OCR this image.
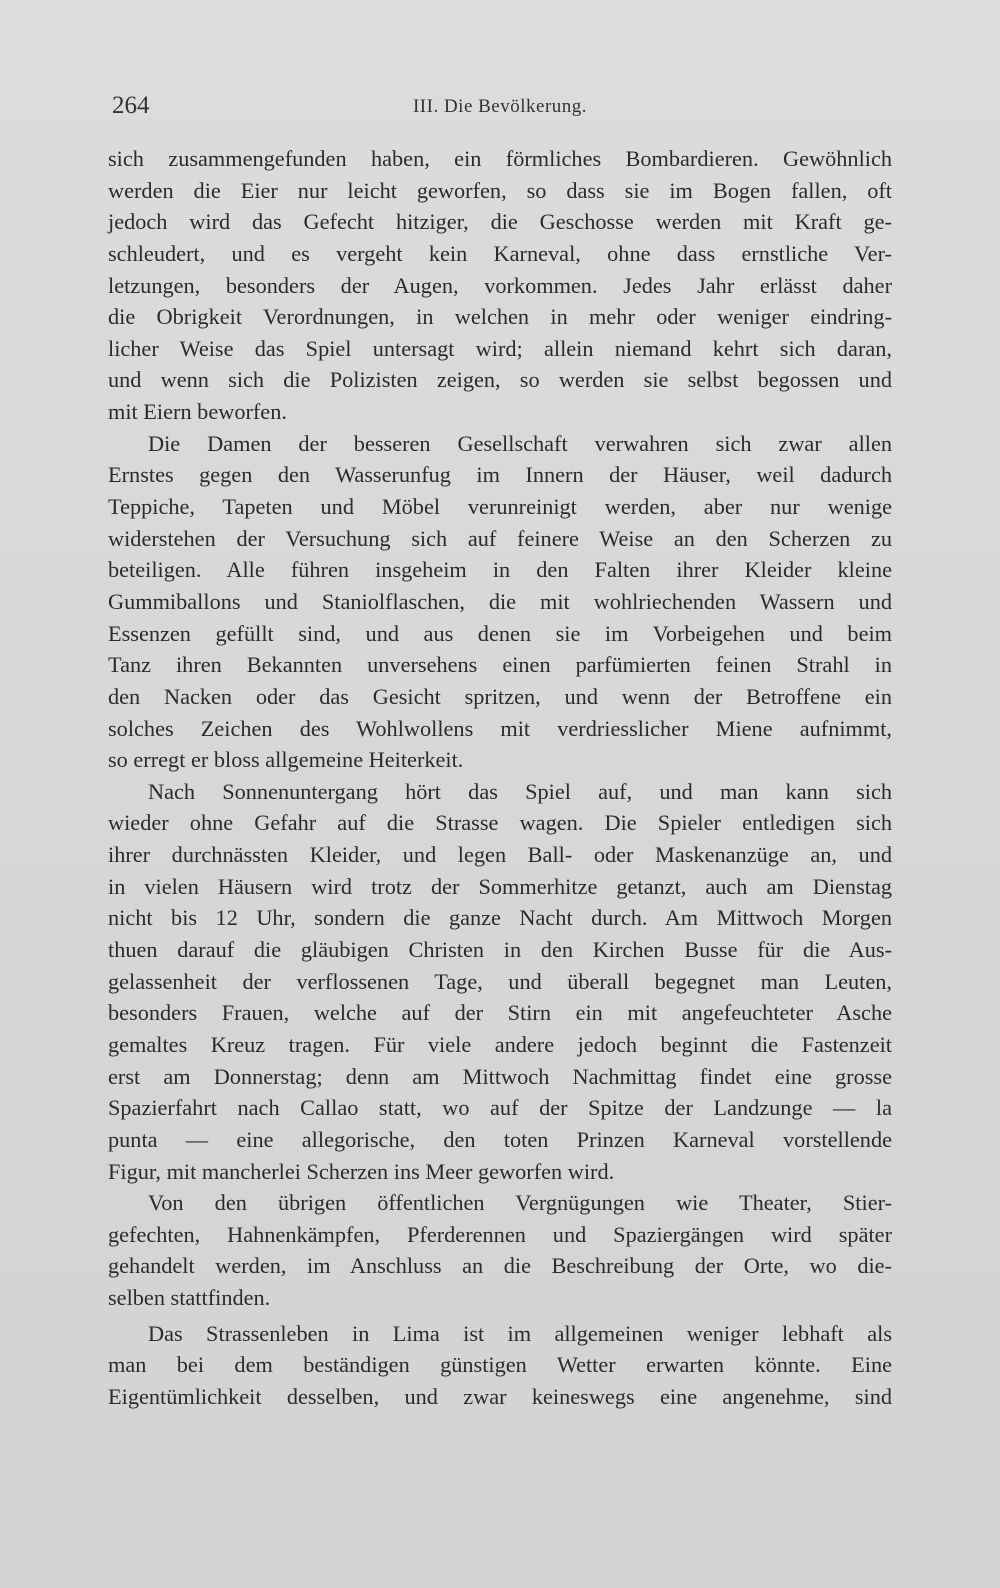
264	III. Die Bevölkerung.
sich zusammengefunden haben, ein förmliches Bombardieren. Gewöhnlich
werden die Eier nur leicht geworfen, so dass sie im Bogen fallen, oft
jedoch wird das Gefecht hitziger, die Geschosse werden mit Kraft ge-
schleudert, und es vergeht kein Karneval, ohne dass ernstliche Ver-
letzungen, besonders der Augen, vorkommen. Jedes Jahr erlässt daher
die Obrigkeit Verordnungen, in welchen in mehr oder weniger eindring-
licher Weise das Spiel untersagt wird; allein niemand kehrt sich daran,
und wenn sich die Polizisten zeigen, so werden sie selbst begossen und
mit Eiern beworfen.
Die Damen der besseren Gesellschaft verwahren sich zwar allen
Ernstes gegen den Wasserunfug im Innern der Häuser, weil dadurch
Teppiche, Tapeten und Möbel verunreinigt werden, aber nur wenige
widerstehen der Versuchung sich auf feinere Weise an den Scherzen zu
beteiligen. Alle führen insgeheim in den Falten ihrer Kleider kleine
Gummiballons und Staniolflaschen, die mit wohlriechenden Wassern und
Essenzen gefüllt sind, und aus denen sie im Vorbeigehen und beim
Tanz ihren Bekannten unversehens einen parfümierten feinen Strahl in
den Nacken oder das Gesicht spritzen, und wenn der Betroffene ein
solches Zeichen des Wohlwollens mit verdriesslicher Miene aufnimmt,
so erregt er bloss allgemeine Heiterkeit.
Nach Sonnenuntergang hört das Spiel auf, und man kann sich
wieder ohne Gefahr auf die Strasse wagen. Die Spieler entledigen sich
ihrer durchnässten Kleider, und legen Ball- oder Maskenanzüge an, und
in vielen Häusern wird trotz der Sommerhitze getanzt, auch am Dienstag
nicht bis 12 Uhr, sondern die ganze Nacht durch. Am Mittwoch Morgen
thuen darauf die gläubigen Christen in den Kirchen Busse für die Aus-
gelassenheit der verflossenen Tage, und überall begegnet man Leuten,
besonders Frauen, welche auf der Stirn ein mit angefeuchteter Asche
gemaltes Kreuz tragen. Für viele andere jedoch beginnt die Fastenzeit
erst am Donnerstag; denn am Mittwoch Nachmittag findet eine grosse
Spazierfahrt nach Callao statt, wo auf der Spitze der Landzunge — la
punta — eine allegorische, den toten Prinzen Karneval vorstellende
Figur, mit mancherlei Scherzen ins Meer geworfen wird.
Von den übrigen öffentlichen Vergnügungen wie Theater, Stier-
gefechten, Hahnenkämpfen, Pferderennen und Spaziergängen wird später
gehandelt werden, im Anschluss an die Beschreibung der Orte, wo die-
selben stattfinden.
Das Strassenleben in Lima ist im allgemeinen weniger lebhaft als
man bei dem beständigen günstigen Wetter erwarten könnte. Eine
Eigentümlichkeit desselben, und zwar keineswegs eine angenehme, sind
